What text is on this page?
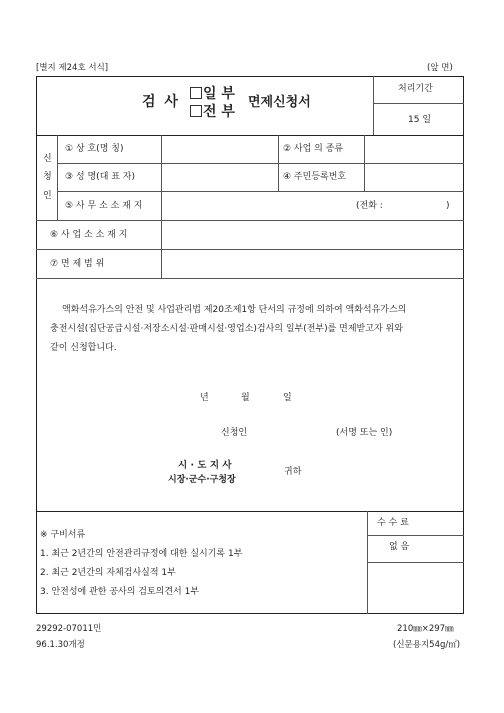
[별지 제24호 서식]	(앞 면)
검 사	일 부
전 부
면제신청서
처리기간
15 일
신
청
인
① 상 호(명 칭)	② 사업 의 종류
③ 성 명(대 표 자)	④ 주민등록번호
⑤ 사 무 소 소 재 지	(전화 :	)
⑥ 사 업 소 소 재 지
⑦ 면 제 범 위
액화석유가스의 안전 및 사업관리법 제20조제1항 단서의 규정에 의하여 액화석유가스의
충전시설(집단공급시설·저장소시설·판매시설·영업소)검사의 일부(전부)를 면제받고자 위와
같이 신청합니다.
년	월	일
신청인	(서명 또는 인)
시 · 도 지 사
시장·군수·구청장
귀하
수 수 료
없 음
※ 구비서류
1. 최근 2년간의 안전관리규정에 대한 실시기록 1부
2. 최근 2년간의 자체검사실적 1부
3. 안전성에 관한 공사의 검토의견서 1부
29292-07011민
96.1.30개정
210㎜×297㎜
(신문용지54g/㎡)
